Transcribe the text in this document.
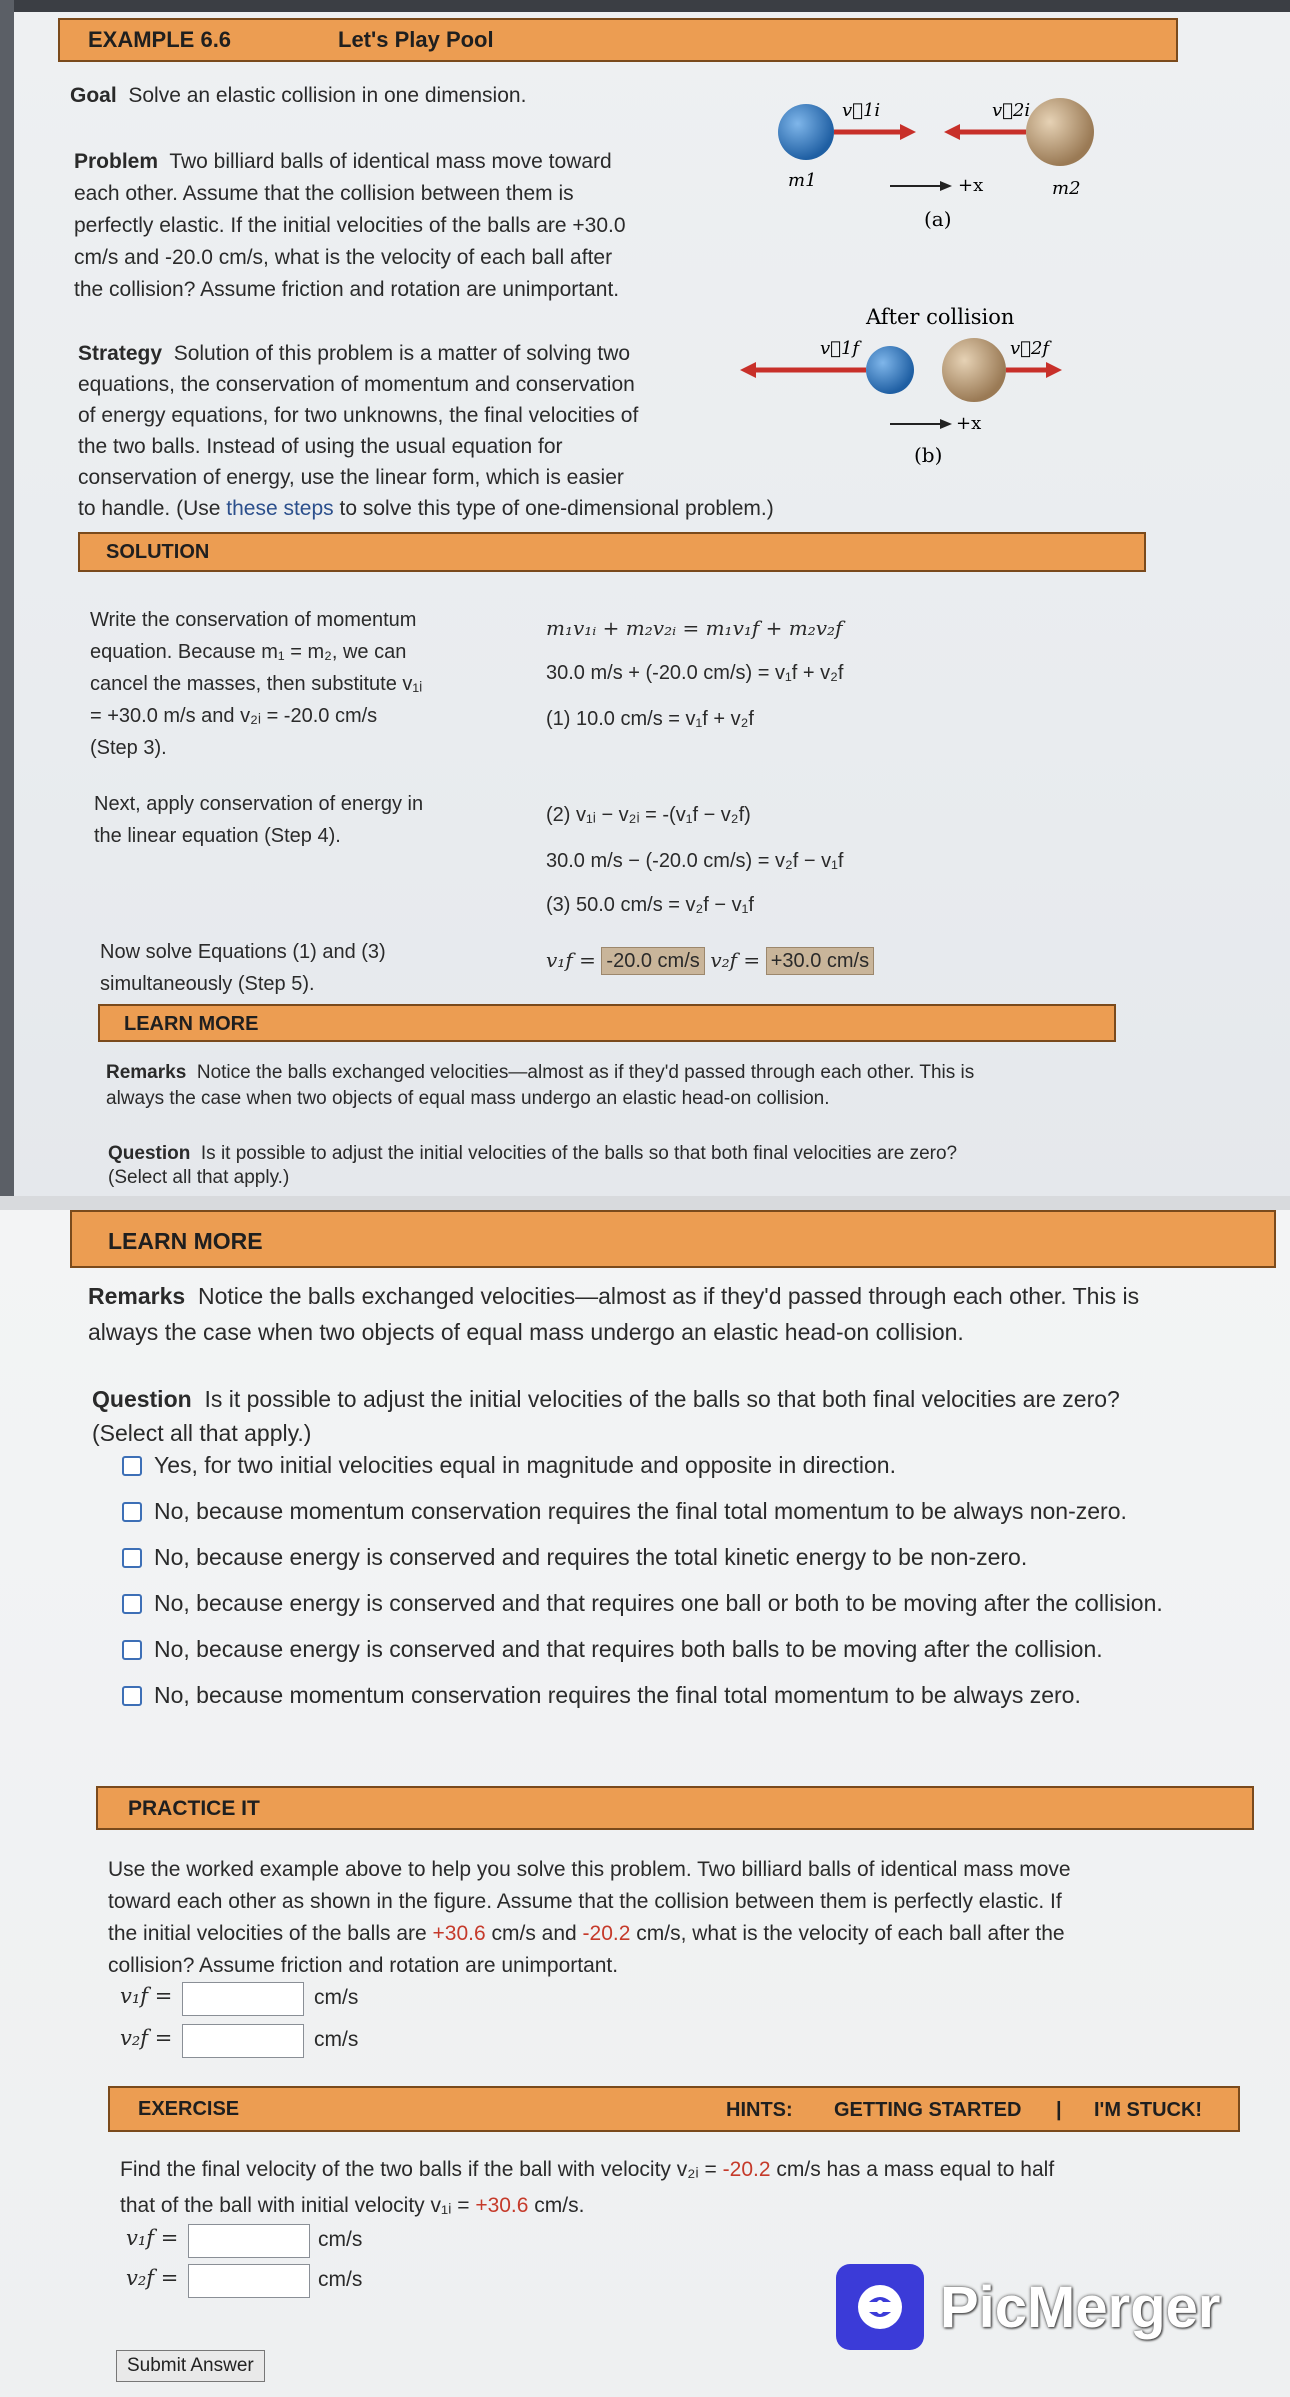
EXAMPLE 6.6	Let's Play Pool
Goal Solve an elastic collision in one dimension.
Problem Two billiard balls of identical mass move toward
each other. Assume that the collision between them is
perfectly elastic. If the initial velocities of the balls are +30.0
cm/s and -20.0 cm/s, what is the velocity of each ball after
the collision? Assume friction and rotation are unimportant.
Strategy Solution of this problem is a matter of solving two
equations, the conservation of momentum and conservation
of energy equations, for two unknowns, the final velocities of
the two balls. Instead of using the usual equation for
conservation of energy, use the linear form, which is easier
to handle. (Use these steps to solve this type of one-dimensional problem.)
v⃗1i	v⃗2i
m1	m2
+x
(a)
After collision
v⃗1f	v⃗2f
+x
(b)
SOLUTION
Write the conservation of momentum
equation. Because m₁ = m₂, we can
cancel the masses, then substitute v₁ᵢ
= +30.0 m/s and v₂ᵢ = -20.0 cm/s
(Step 3).
m₁v₁ᵢ + m₂v₂ᵢ = m₁v₁f + m₂v₂f
30.0 m/s + (-20.0 cm/s) = v₁f + v₂f
(1) 10.0 cm/s = v₁f + v₂f
Next, apply conservation of energy in
the linear equation (Step 4).
(2) v₁ᵢ − v₂ᵢ = -(v₁f − v₂f)
30.0 m/s − (-20.0 cm/s) = v₂f − v₁f
(3) 50.0 cm/s = v₂f − v₁f
Now solve Equations (1) and (3)
simultaneously (Step 5).
v₁f = -20.0 cm/s v₂f = +30.0 cm/s
LEARN MORE
Remarks Notice the balls exchanged velocities—almost as if they'd passed through each other. This is
always the case when two objects of equal mass undergo an elastic head-on collision.
Question Is it possible to adjust the initial velocities of the balls so that both final velocities are zero?
(Select all that apply.)
LEARN MORE
Remarks Notice the balls exchanged velocities—almost as if they'd passed through each other. This is
always the case when two objects of equal mass undergo an elastic head-on collision.
Question Is it possible to adjust the initial velocities of the balls so that both final velocities are zero?
(Select all that apply.)
Yes, for two initial velocities equal in magnitude and opposite in direction.
No, because momentum conservation requires the final total momentum to be always non-zero.
No, because energy is conserved and requires the total kinetic energy to be non-zero.
No, because energy is conserved and that requires one ball or both to be moving after the collision.
No, because energy is conserved and that requires both balls to be moving after the collision.
No, because momentum conservation requires the final total momentum to be always zero.
PRACTICE IT
Use the worked example above to help you solve this problem. Two billiard balls of identical mass move
toward each other as shown in the figure. Assume that the collision between them is perfectly elastic. If
the initial velocities of the balls are +30.6 cm/s and -20.2 cm/s, what is the velocity of each ball after the
collision? Assume friction and rotation are unimportant.
v₁f =	cm/s
v₂f =	cm/s
EXERCISE	HINTS: GETTING STARTED | I'M STUCK!
Find the final velocity of the two balls if the ball with velocity v₂ᵢ = -20.2 cm/s has a mass equal to half
that of the ball with initial velocity v₁ᵢ = +30.6 cm/s.
v₁f =	cm/s
v₂f =	cm/s
Submit Answer
PicMerger
